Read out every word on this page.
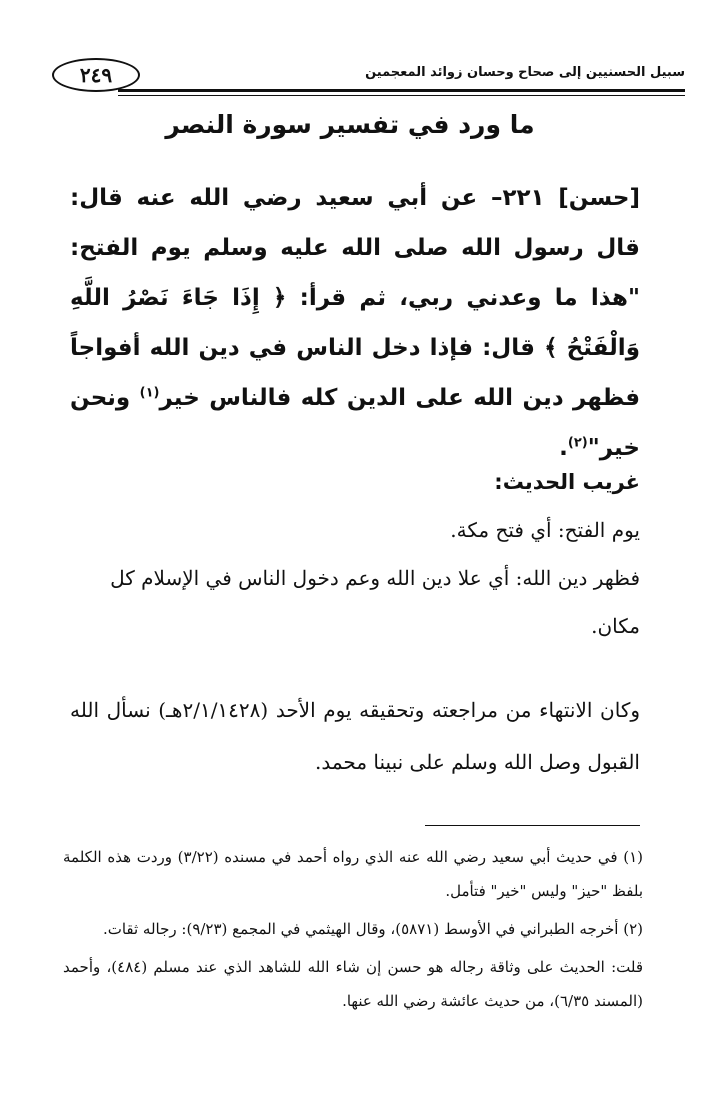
٢٤٩	سبيل الحسنيين إلى صحاح وحسان زوائد المعجمين
ما ورد في تفسير سورة النصر
[حسن] ٢٢١– عن أبي سعيد رضي الله عنه قال: قال رسول الله صلى الله عليه وسلم يوم الفتح: "هذا ما وعدني ربي، ثم قرأ: ﴿ إِذَا جَاءَ نَصْرُ اللَّهِ وَالْفَتْحُ ﴾ قال: فإذا دخل الناس في دين الله أفواجاً فظهر دين الله على الدين كله فالناس خير$^{(١)}$ ونحن خير"$^{(٢)}$.
غريب الحديث:
يوم الفتح: أي فتح مكة.
فظهر دين الله: أي علا دين الله وعم دخول الناس في الإسلام كل مكان.
وكان الانتهاء من مراجعته وتحقيقه يوم الأحد (٢/١/١٤٢٨هـ) نسأل الله القبول وصل الله وسلم على نبينا محمد.

(١) في حديث أبي سعيد رضي الله عنه الذي رواه أحمد في مسنده (٣/٢٢) وردت هذه الكلمة بلفظ "حيز" وليس "خير" فتأمل.

(٢) أخرجه الطبراني في الأوسط (٥٨٧١)، وقال الهيثمي في المجمع (٩/٢٣): رجاله ثقات.

قلت: الحديث على وثاقة رجاله هو حسن إن شاء الله للشاهد الذي عند مسلم (٤٨٤)، وأحمد (المسند ٦/٣٥)، من حديث عائشة رضي الله عنها.
